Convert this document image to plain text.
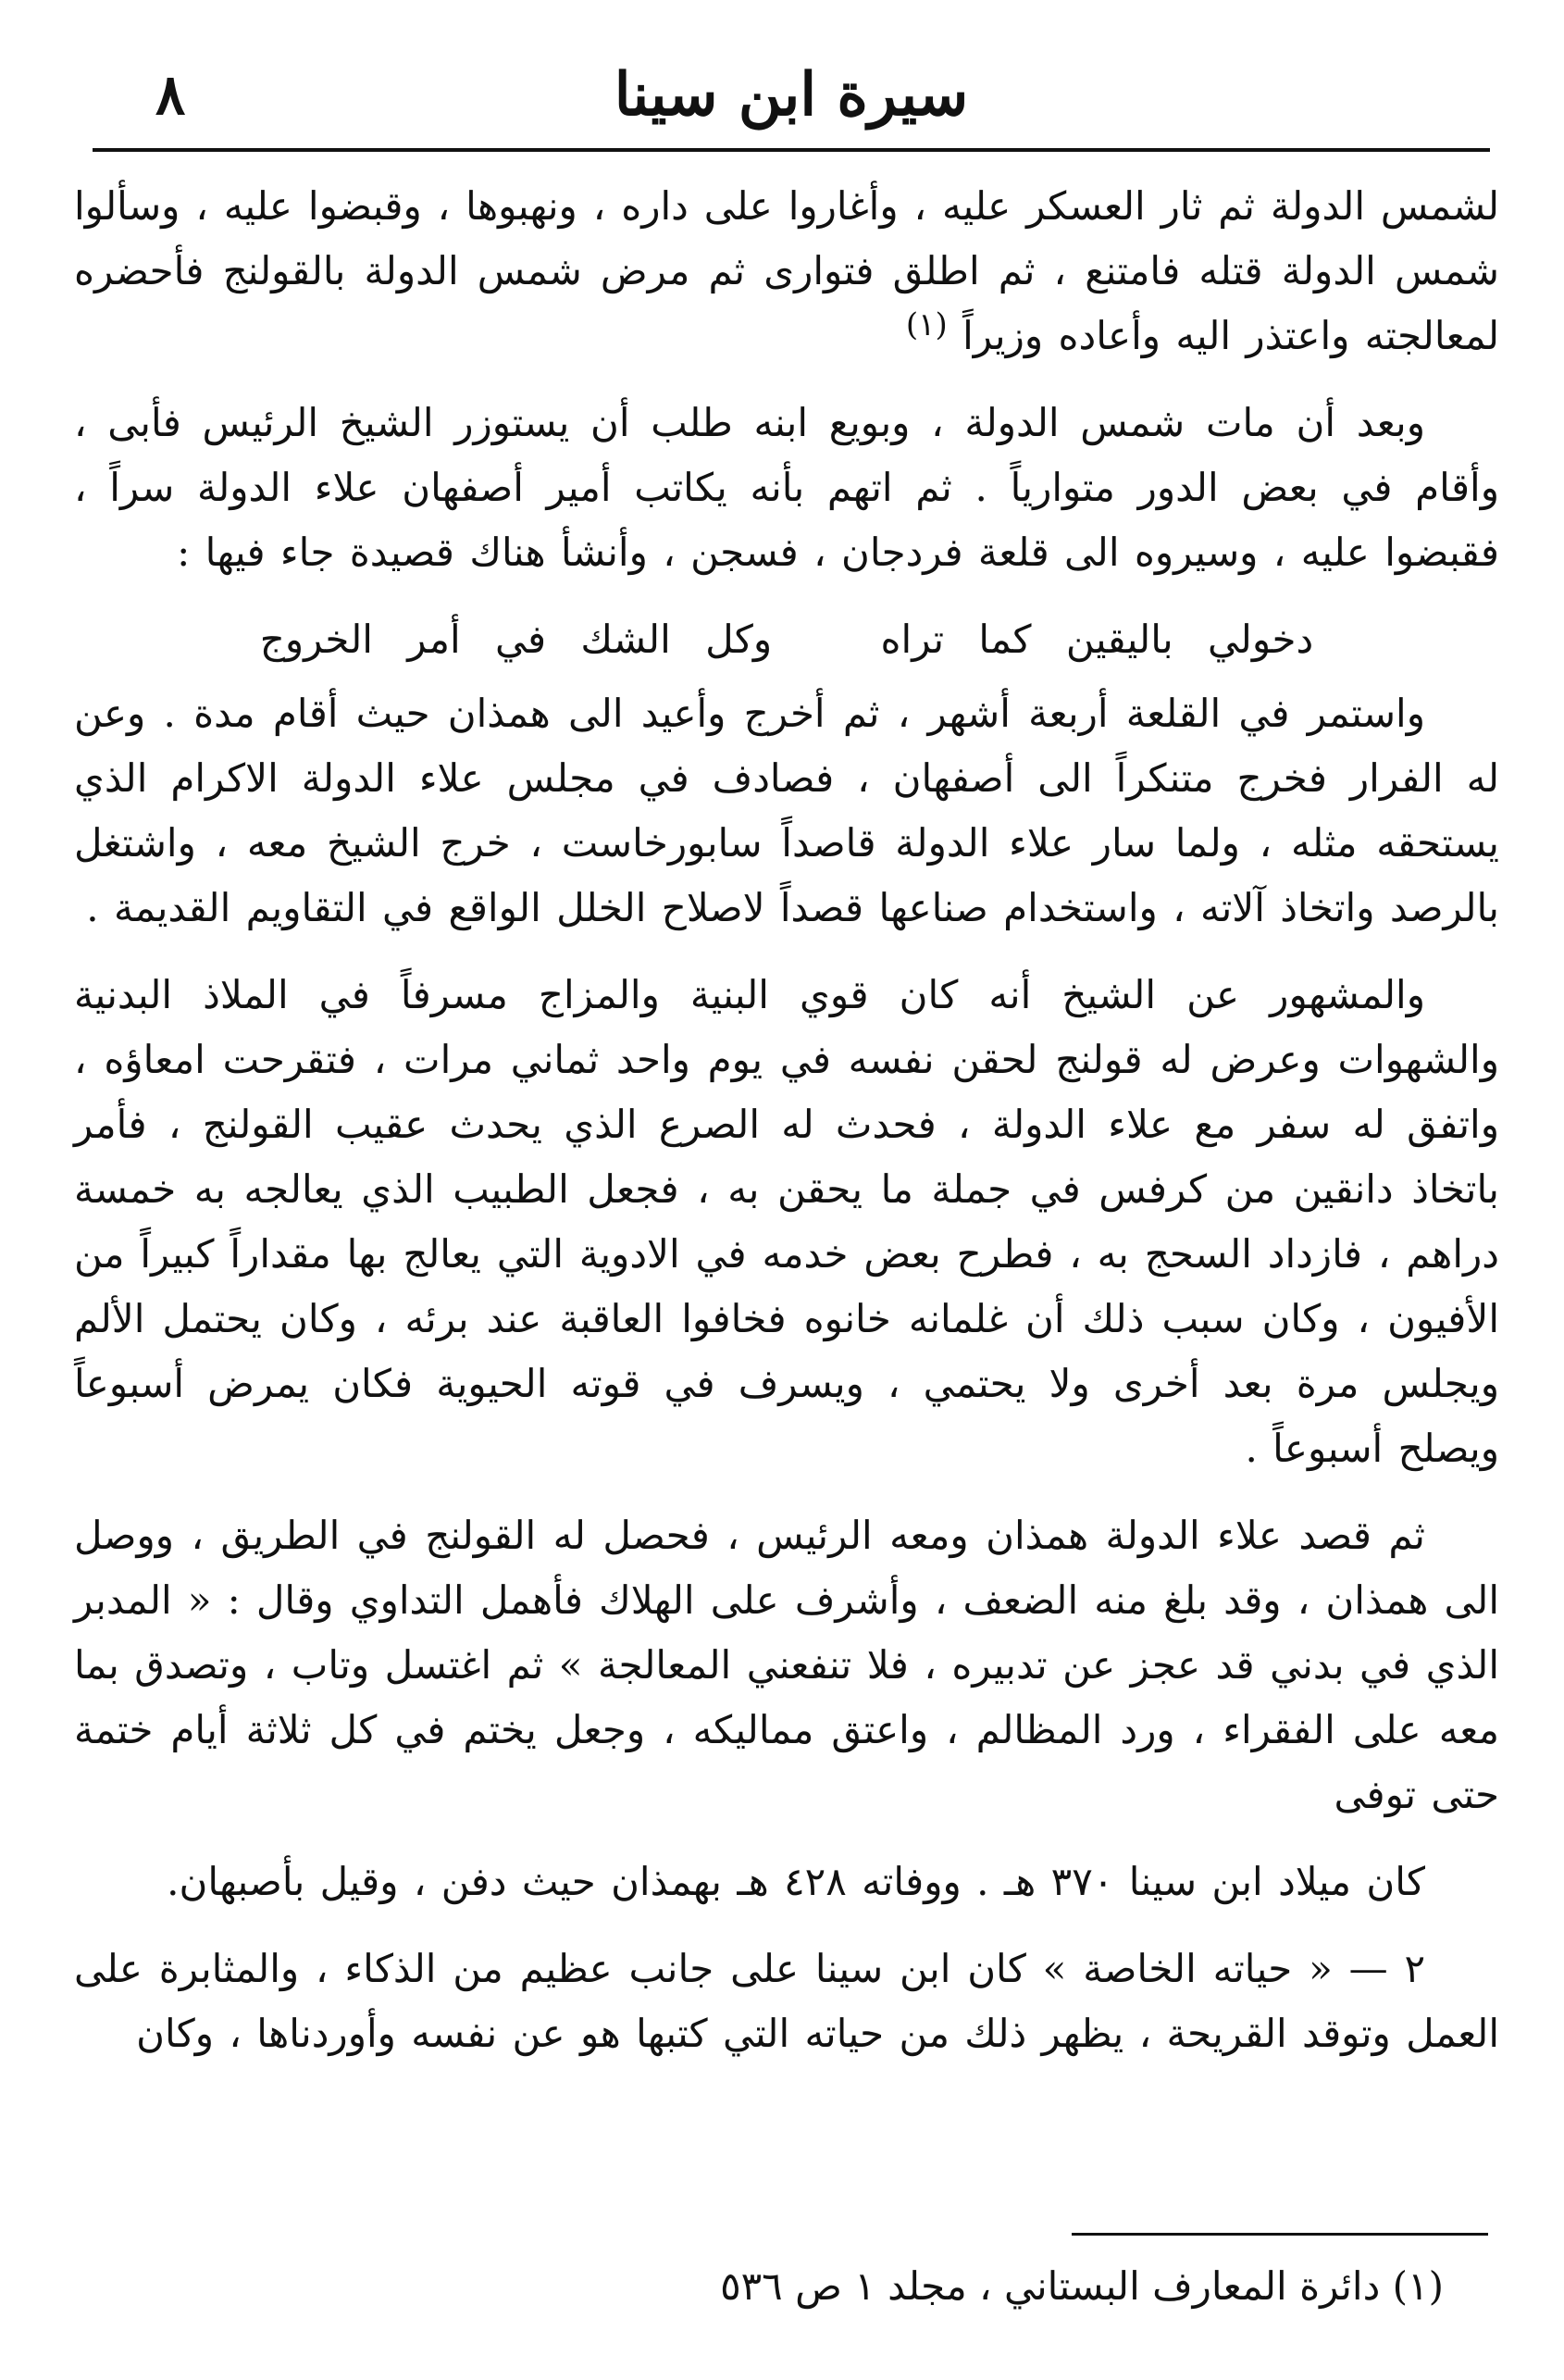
سيرة ابن سينا
٨

لشمس الدولة ثم ثار العسكر عليه ، وأغاروا على داره ، ونهبوها ، وقبضوا عليه ، وسألوا شمس الدولة قتله فامتنع ، ثم اطلق فتوارى ثم مرض شمس الدولة بالقولنج فأحضره لمعالجته واعتذر اليه وأعاده وزيراً $^{(١)}$

وبعد أن مات شمس الدولة ، وبويع ابنه طلب أن يستوزر الشيخ الرئيس فأبى ، وأقام في بعض الدور متوارياً . ثم اتهم بأنه يكاتب أمير أصفهان علاء الدولة سراً ، فقبضوا عليه ، وسيروه الى قلعة فردجان ، فسجن ، وأنشأ هناك قصيدة جاء فيها :

دخولي باليقين كما تراه وكل الشك في أمر الخروج

واستمر في القلعة أربعة أشهر ، ثم أخرج وأعيد الى همذان حيث أقام مدة . وعن له الفرار فخرج متنكراً الى أصفهان ، فصادف في مجلس علاء الدولة الاكرام الذي يستحقه مثله ، ولما سار علاء الدولة قاصداً سابورخاست ، خرج الشيخ معه ، واشتغل بالرصد واتخاذ آلاته ، واستخدام صناعها قصداً لاصلاح الخلل الواقع في التقاويم القديمة .

والمشهور عن الشيخ أنه كان قوي البنية والمزاج مسرفاً في الملاذ البدنية والشهوات وعرض له قولنج لحقن نفسه في يوم واحد ثماني مرات ، فتقرحت امعاؤه ، واتفق له سفر مع علاء الدولة ، فحدث له الصرع الذي يحدث عقيب القولنج ، فأمر باتخاذ دانقين من كرفس في جملة ما يحقن به ، فجعل الطبيب الذي يعالجه به خمسة دراهم ، فازداد السحج به ، فطرح بعض خدمه في الادوية التي يعالج بها مقداراً كبيراً من الأفيون ، وكان سبب ذلك أن غلمانه خانوه فخافوا العاقبة عند برئه ، وكان يحتمل الألم ويجلس مرة بعد أخرى ولا يحتمي ، ويسرف في قوته الحيوية فكان يمرض أسبوعاً ويصلح أسبوعاً .

ثم قصد علاء الدولة همذان ومعه الرئيس ، فحصل له القولنج في الطريق ، ووصل الى همذان ، وقد بلغ منه الضعف ، وأشرف على الهلاك فأهمل التداوي وقال : « المدبر الذي في بدني قد عجز عن تدبيره ، فلا تنفعني المعالجة » ثم اغتسل وتاب ، وتصدق بما معه على الفقراء ، ورد المظالم ، واعتق مماليكه ، وجعل يختم في كل ثلاثة أيام ختمة حتى توفى

كان ميلاد ابن سينا ٣٧٠ هـ . ووفاته ٤٢٨ هـ بهمذان حيث دفن ، وقيل بأصبهان.

٢ — « حياته الخاصة » كان ابن سينا على جانب عظيم من الذكاء ، والمثابرة على العمل وتوقد القريحة ، يظهر ذلك من حياته التي كتبها هو عن نفسه وأوردناها ، وكان

(١) دائرة المعارف البستاني ، مجلد ١ ص ٥٣٦
